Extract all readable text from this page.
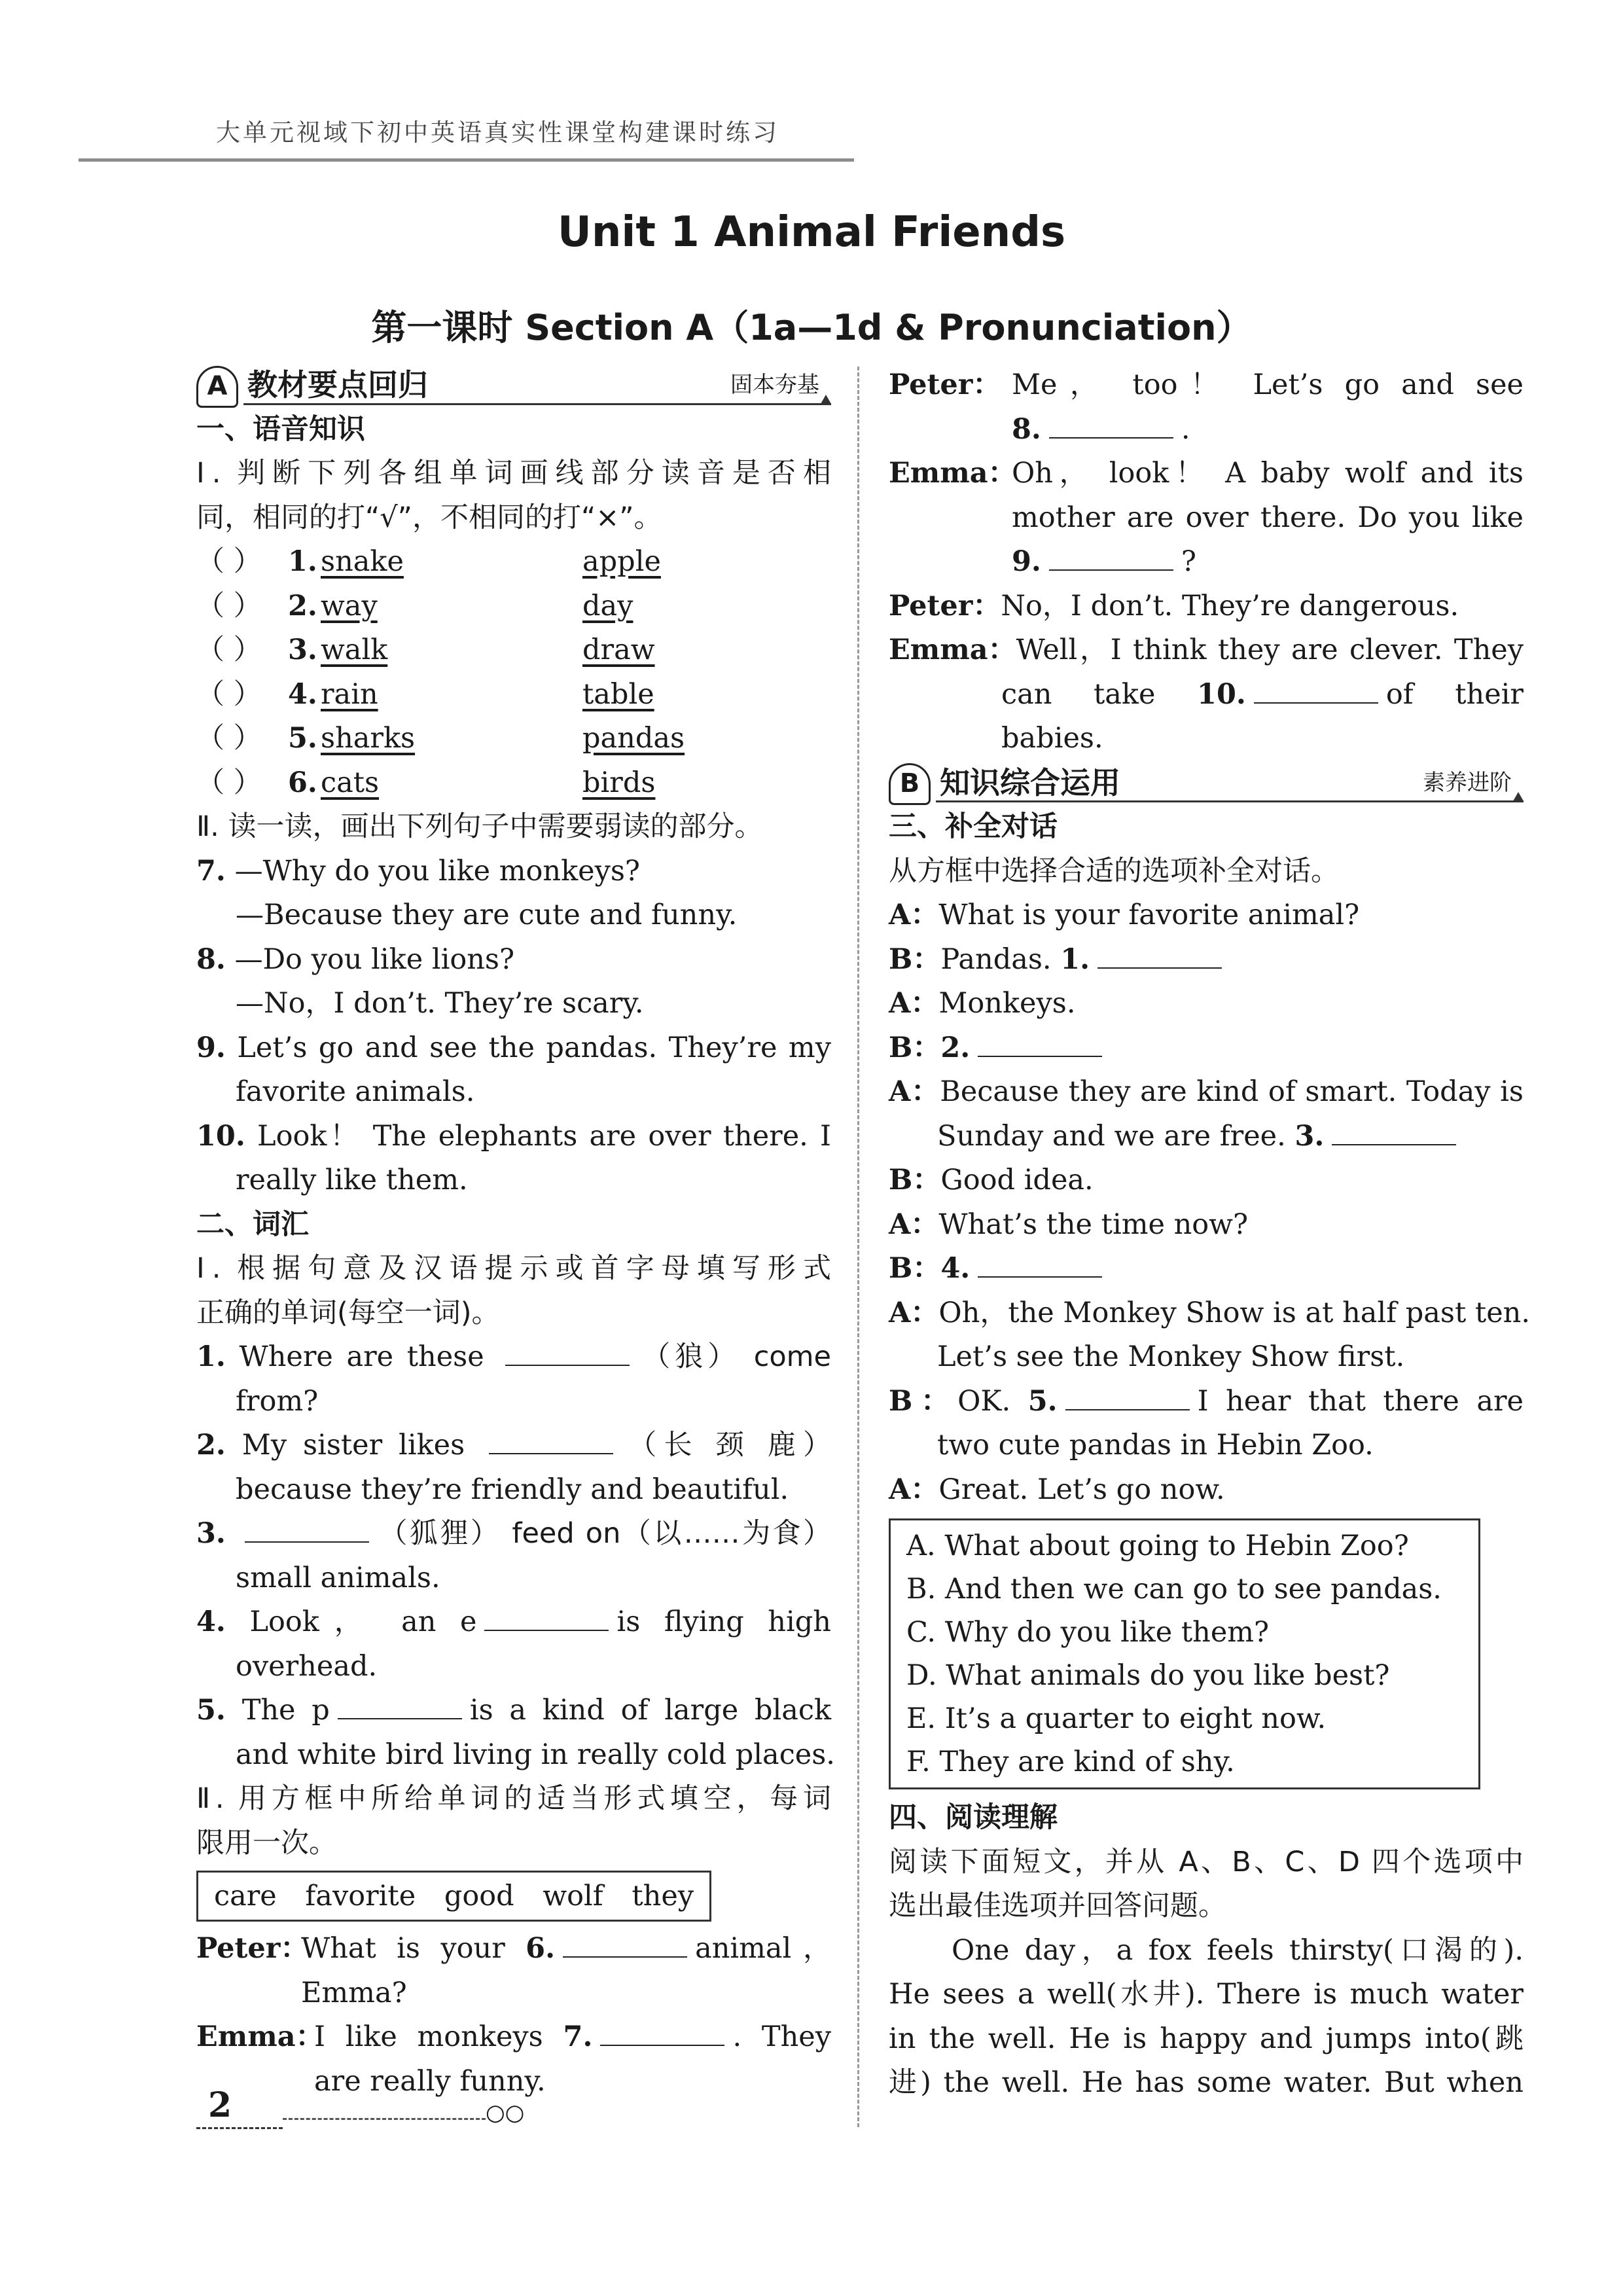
大单元视域下初中英语真实性课堂构建课时练习
Unit 1 Animal Friends
第一课时 Section A（1a—1d & Pronunciation）
A 教材要点回归	固本夯基
一、语音知识
Ⅰ. 判断下列各组单词画线部分读音是否相
同，相同的打“√”，不相同的打“×”。
（ ） 1. snake	apple
（ ） 2. way	day
（ ） 3. walk	draw
（ ） 4. rain	table
（ ） 5. sharks	pandas
（ ） 6. cats	birds
Ⅱ. 读一读，画出下列句子中需要弱读的部分。
7. —Why do you like monkeys?
—Because they are cute and funny.
8. —Do you like lions?
—No，I don’t. They’re scary.
9. Let’s go and see the pandas. They’re my
favorite animals.
10. Look！ The elephants are over there. I
really like them.
二、词汇
Ⅰ. 根据句意及汉语提示或首字母填写形式
正确的单词(每空一词)。
1. Where are these	（狼） come
from?
2. My sister likes	（长 颈 鹿）
because they’re friendly and beautiful.
3.	（狐狸） feed on（以……为食）
small animals.
4. Look， an e	is flying high
overhead.
5. The p	is a kind of large black
and white bird living in really cold places.
Ⅱ. 用方框中所给单词的适当形式填空，每词
限用一次。
care favorite good wolf they
Peter：
What is your 6.	animal，
Emma?
Emma：
I like monkeys 7.	. They
are really funny.
Peter： Me， too！ Let’s go and see
8.	.
Emma：
Oh， look！ A baby wolf and its
mother are over there. Do you like
9.	?
Peter： No，I don’t. They’re dangerous.
Emma： Well，I think they are clever. They
can take 10.	of their
babies.
B 知识综合运用	素养进阶
三、补全对话
从方框中选择合适的选项补全对话。
A：What is your favorite animal?
B：Pandas. 1.
A：Monkeys.
B：2.
A：Because they are kind of smart. Today is
Sunday and we are free. 3.
B：Good idea.
A：What’s the time now?
B：4.
A：Oh，the Monkey Show is at half past ten.
Let’s see the Monkey Show first.
B：OK. 5.	I hear that there are
two cute pandas in Hebin Zoo.
A：Great. Let’s go now.
A. What about going to Hebin Zoo?
B. And then we can go to see pandas.
C. Why do you like them?
D. What animals do you like best?
E. It’s a quarter to eight now.
F. They are kind of shy.
四、阅读理解
阅读下面短文，并从 A、B、C、D 四个选项中
选出最佳选项并回答问题。
One day，a fox feels thirsty(口渴的).
He sees a well(水井). There is much water
in the well. He is happy and jumps into(跳
进) the well. He has some water. But when
2	○○
